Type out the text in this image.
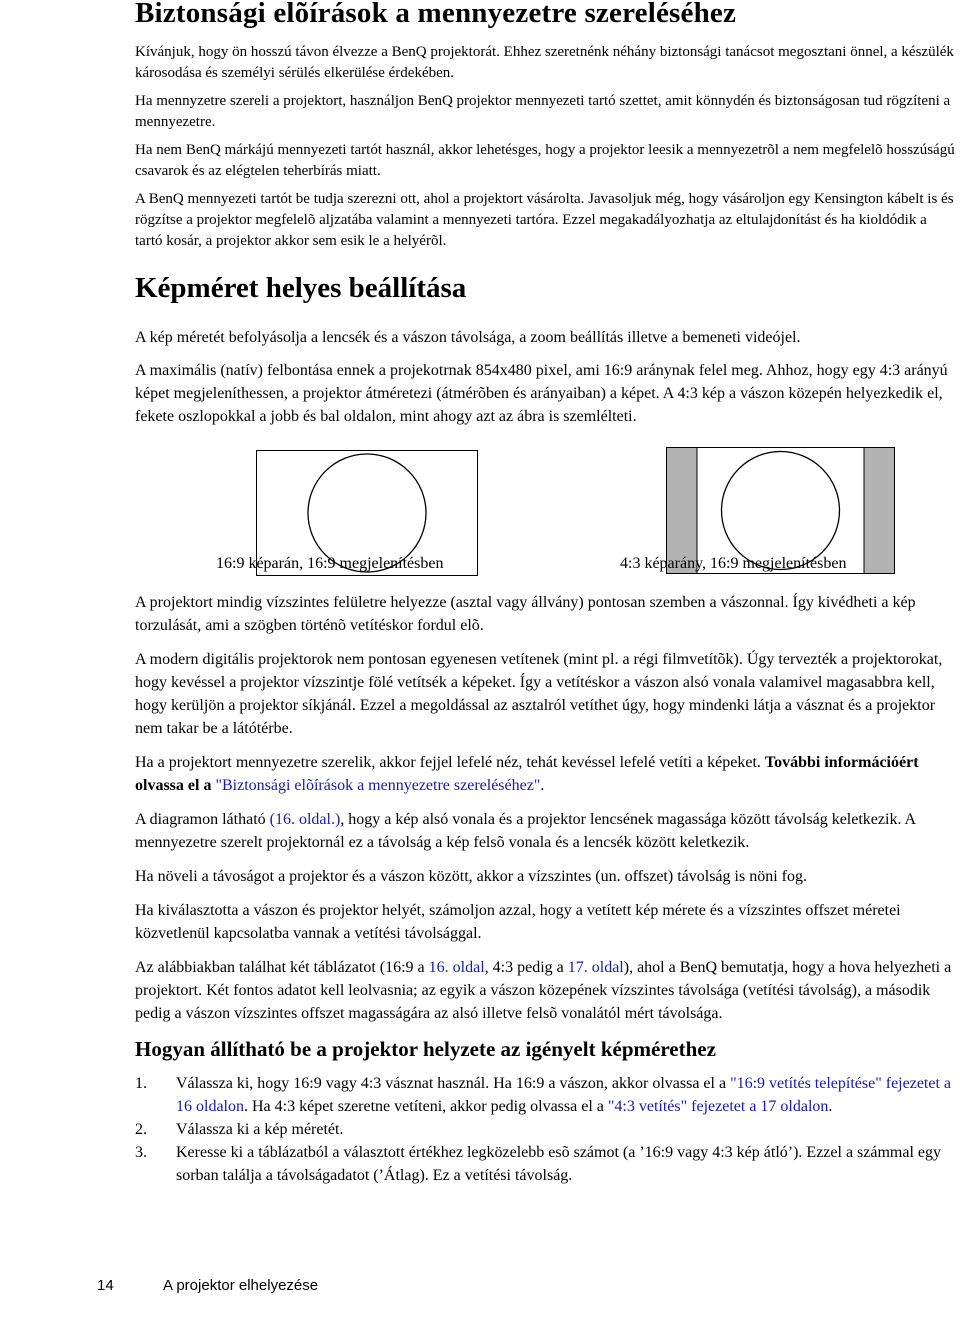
Biztonsági elõírások a mennyezetre szereléséhez

Kívánjuk, hogy ön hosszú távon élvezze a BenQ projektorát. Ehhez szeretnénk néhány biztonsági tanácsot megosztani önnel, a készülék károsodása és személyi sérülés elkerülése érdekében.

Ha mennyzetre szereli a projektort, használjon BenQ projektor mennyezeti tartó szettet, amit könnydén és biztonságosan tud rögzíteni a mennyezetre.

Ha nem BenQ márkájú mennyezeti tartót használ, akkor lehetésges, hogy a projektor leesik a mennyezetrõl a nem megfelelõ hosszúságú csavarok és az elégtelen teherbírás miatt.

A BenQ mennyezeti tartót be tudja szerezni ott, ahol a projektort vásárolta. Javasoljuk még, hogy vásároljon egy Kensington kábelt is és rögzítse a projektor megfelelõ aljzatába valamint a mennyezeti tartóra. Ezzel megakadályozhatja az eltulajdonítást és ha kioldódik a tartó kosár, a projektor akkor sem esik le a helyérõl.

Képméret helyes beállítása

A kép méretét befolyásolja a lencsék és a vászon távolsága, a zoom beállítás illetve a bemeneti videójel.

A maximális (natív) felbontása ennek a projekotrnak 854x480 pixel, ami 16:9 aránynak felel meg. Ahhoz, hogy egy 4:3 arányú képet megjeleníthessen, a projektor átméretezi (átmérõben és arányaiban) a képet. A 4:3 kép a vászon közepén helyezkedik el, fekete oszlopokkal a jobb és bal oldalon, mint ahogy azt az ábra is szemlélteti.

16:9 képarán, 16:9 megjelenítésben	4:3 képarány, 16:9 megjelenítésben

A projektort mindig vízszintes felületre helyezze (asztal vagy állvány) pontosan szemben a vászonnal. Így kivédheti a kép torzulását, ami a szögben történõ vetítéskor fordul elõ.

A modern digitális projektorok nem pontosan egyenesen vetítenek (mint pl. a régi filmvetítõk). Úgy tervezték a projektorokat, hogy kevéssel a projektor vízszintje fölé vetítsék a képeket. Így a vetítéskor a vászon alsó vonala valamivel magasabbra kell, hogy kerüljön a projektor síkjánál. Ezzel a megoldással az asztalról vetíthet úgy, hogy mindenki látja a vásznat és a projektor nem takar be a látótérbe.

Ha a projektort mennyezetre szerelik, akkor fejjel lefelé néz, tehát kevéssel lefelé vetíti a képeket. További információért olvassa el a "Biztonsági elõírások a mennyezetre szereléséhez".

A diagramon látható (16. oldal.), hogy a kép alsó vonala és a projektor lencsének magassága között távolság keletkezik. A mennyezetre szerelt projektornál ez a távolság a kép felsõ vonala és a lencsék között keletkezik.

Ha növeli a távoságot a projektor és a vászon között, akkor a vízszintes (un. offszet) távolság is nöni fog.

Ha kiválasztotta a vászon és projektor helyét, számoljon azzal, hogy a vetített kép mérete és a vízszintes offszet méretei közvetlenül kapcsolatba vannak a vetítési távolsággal.

Az alábbiakban találhat két táblázatot (16:9 a 16. oldal, 4:3 pedig a 17. oldal), ahol a BenQ bemutatja, hogy a hova helyezheti a projektort. Két fontos adatot kell leolvasnia; az egyik a vászon közepének vízszintes távolsága (vetítési távolság), a második pedig a vászon vízszintes offszet magasságára az alsó illetve felsõ vonalától mért távolsága.

Hogyan állítható be a projektor helyzete az igényelt képmérethez
1. Válassza ki, hogy 16:9 vagy 4:3 vásznat használ. Ha 16:9 a vászon, akkor olvassa el a "16:9 vetítés telepítése" fejezetet a 16 oldalon. Ha 4:3 képet szeretne vetíteni, akkor pedig olvassa el a "4:3 vetítés" fejezetet a 17 oldalon.
2. Válassza ki a kép méretét.
3. Keresse ki a táblázatból a választott értékhez legközelebb esõ számot (a ’16:9 vagy 4:3 kép átló’). Ezzel a számmal egy sorban találja a távolságadatot (’Átlag). Ez a vetítési távolság.
14	A projektor elhelyezése
